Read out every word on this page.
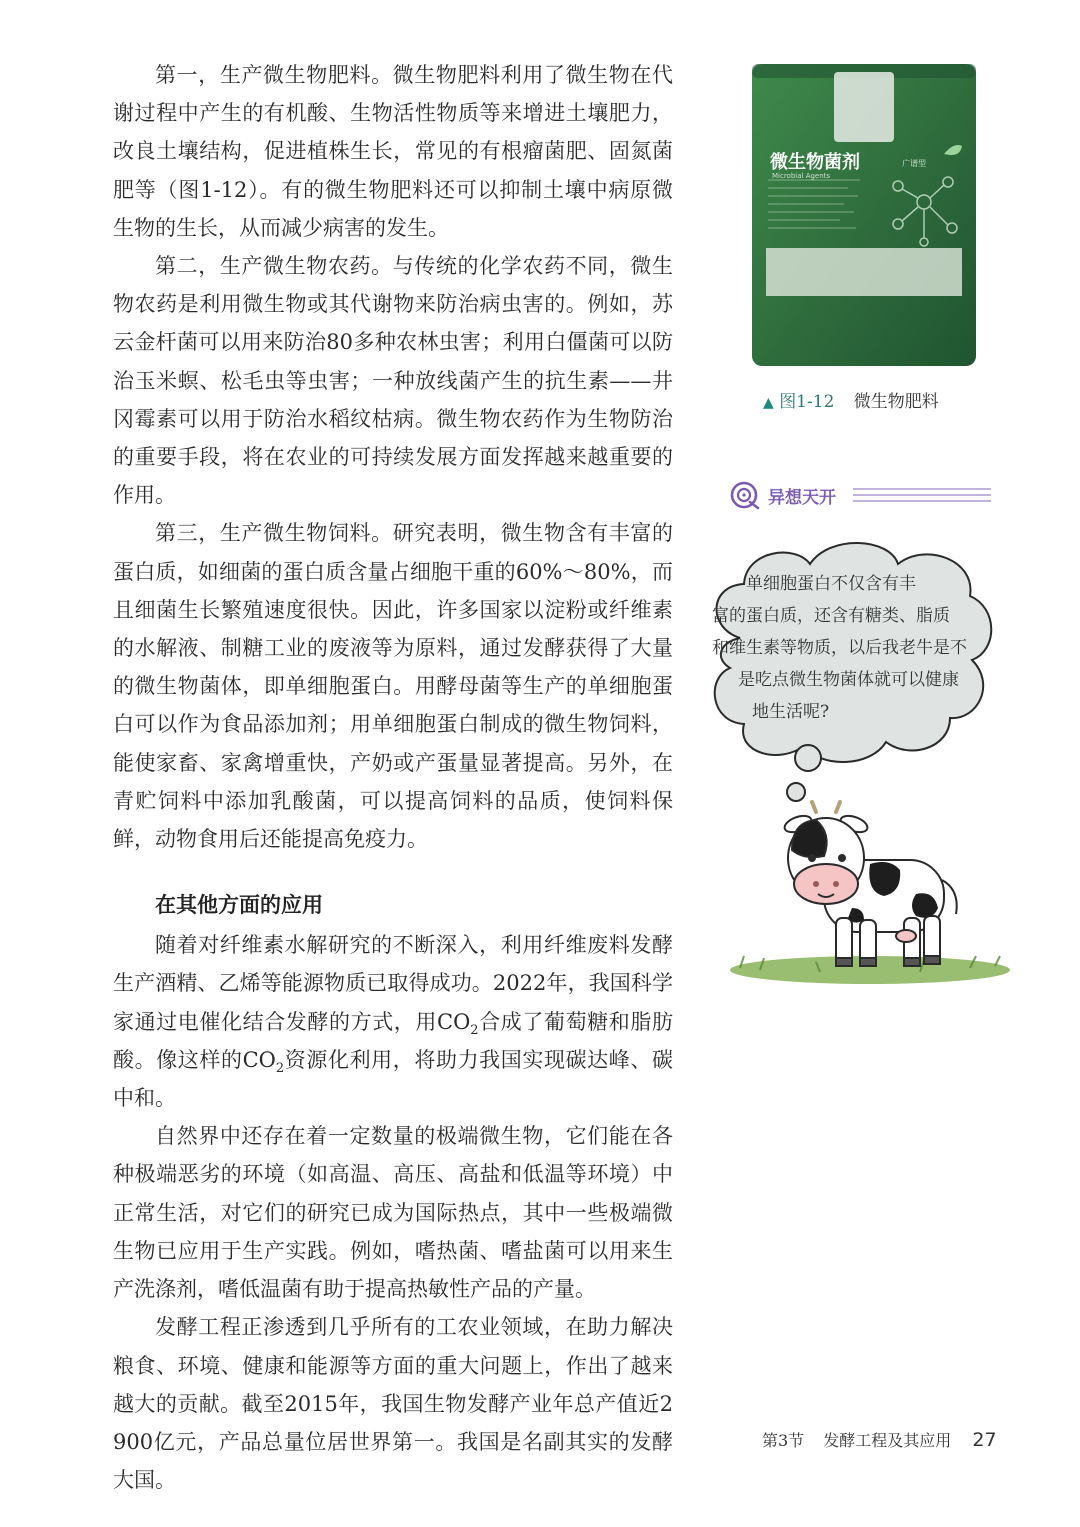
第一，生产微生物肥料。微生物肥料利用了微生物在代谢过程中产生的有机酸、生物活性物质等来增进土壤肥力，改良土壤结构，促进植株生长，常见的有根瘤菌肥、固氮菌肥等（图1-12）。有的微生物肥料还可以抑制土壤中病原微生物的生长，从而减少病害的发生。

第二，生产微生物农药。与传统的化学农药不同，微生物农药是利用微生物或其代谢物来防治病虫害的。例如，苏云金杆菌可以用来防治80多种农林虫害；利用白僵菌可以防治玉米螟、松毛虫等虫害；一种放线菌产生的抗生素——井冈霉素可以用于防治水稻纹枯病。微生物农药作为生物防治的重要手段，将在农业的可持续发展方面发挥越来越重要的作用。

第三，生产微生物饲料。研究表明，微生物含有丰富的蛋白质，如细菌的蛋白质含量占细胞干重的60%～80%，而且细菌生长繁殖速度很快。因此，许多国家以淀粉或纤维素的水解液、制糖工业的废液等为原料，通过发酵获得了大量的微生物菌体，即单细胞蛋白。用酵母菌等生产的单细胞蛋白可以作为食品添加剂；用单细胞蛋白制成的微生物饲料，能使家畜、家禽增重快，产奶或产蛋量显著提高。另外，在青贮饲料中添加乳酸菌，可以提高饲料的品质，使饲料保鲜，动物食用后还能提高免疫力。

在其他方面的应用

随着对纤维素水解研究的不断深入，利用纤维废料发酵生产酒精、乙烯等能源物质已取得成功。2022年，我国科学家通过电催化结合发酵的方式，用$CO_2$合成了葡萄糖和脂肪酸。像这样的$CO_2$资源化利用，将助力我国实现碳达峰、碳中和。

自然界中还存在着一定数量的极端微生物，它们能在各种极端恶劣的环境（如高温、高压、高盐和低温等环境）中正常生活，对它们的研究已成为国际热点，其中一些极端微生物已应用于生产实践。例如，嗜热菌、嗜盐菌可以用来生产洗涤剂，嗜低温菌有助于提高热敏性产品的产量。

发酵工程正渗透到几乎所有的工农业领域，在助力解决粮食、环境、健康和能源等方面的重大问题上，作出了越来越大的贡献。截至2015年，我国生物发酵产业年总产值近2 900亿元，产品总量位居世界第一。我国是名副其实的发酵大国。

微生物菌剂	广谱型
Microbial Agents
▲ 图1-12 微生物肥料
异想天开
单细胞蛋白不仅含有丰
富的蛋白质，还含有糖类、脂质
和维生素等物质，以后我老牛是不
是吃点微生物菌体就可以健康
地生活呢?
第3节 发酵工程及其应用 27
